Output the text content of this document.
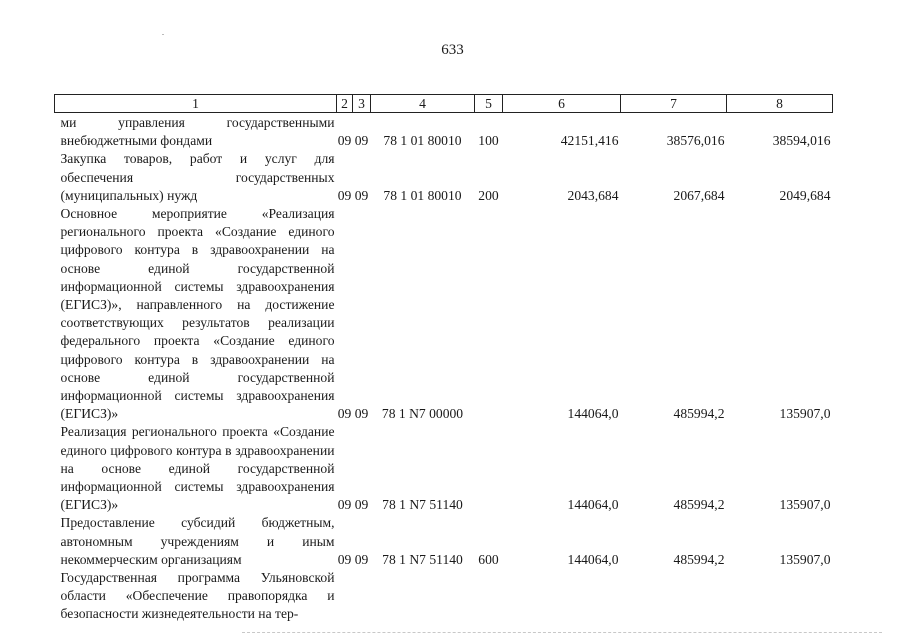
633
1	2	3	4	5	6	7	8
ми управления государственными внебюджетными фондами	09	09	78 1 01 80010	100	42151,416	38576,016	38594,016
Закупка товаров, работ и услуг для обеспечения государственных (муниципальных) нужд	09	09	78 1 01 80010	200	2043,684	2067,684	2049,684
Основное мероприятие «Реализация регионального проекта «Создание единого цифрового контура в здравоохранении на основе единой государственной информационной системы здравоохранения (ЕГИСЗ)», направленного на достижение соответствующих результатов реализации федерального проекта «Создание единого цифрового контура в здравоохранении на основе единой государственной информационной системы здравоохранения (ЕГИСЗ)»	09	09	78 1 N7 00000		144064,0	485994,2	135907,0
Реализация регионального проекта «Создание единого цифрового контура в здравоохранении на основе единой государственной информационной системы здравоохранения (ЕГИСЗ)»	09	09	78 1 N7 51140		144064,0	485994,2	135907,0
Предоставление субсидий бюджетным, автономным учреждениям и иным некоммерческим организациям	09	09	78 1 N7 51140	600	144064,0	485994,2	135907,0
Государственная программа Ульяновской области «Обеспечение правопорядка и безопасности жизнедеятельности на тер-							
